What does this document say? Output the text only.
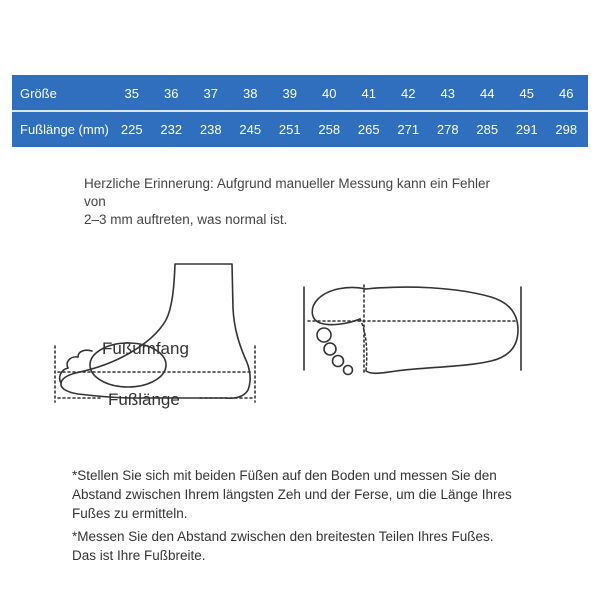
Größe	35	36	37	38	39	40	41	42	43	44	45	46
Fußlänge (mm) 225	232	238	245	251	258	265	271	278	285	291	298
Herzliche Erinnerung: Aufgrund manueller Messung kann ein Fehler von
2–3 mm auftreten, was normal ist.
Fußumfang
Fußlänge
*Stellen Sie sich mit beiden Füßen auf den Boden und messen Sie den
Abstand zwischen Ihrem längsten Zeh und der Ferse, um die Länge Ihres
Fußes zu ermitteln.
*Messen Sie den Abstand zwischen den breitesten Teilen Ihres Fußes.
Das ist Ihre Fußbreite.
